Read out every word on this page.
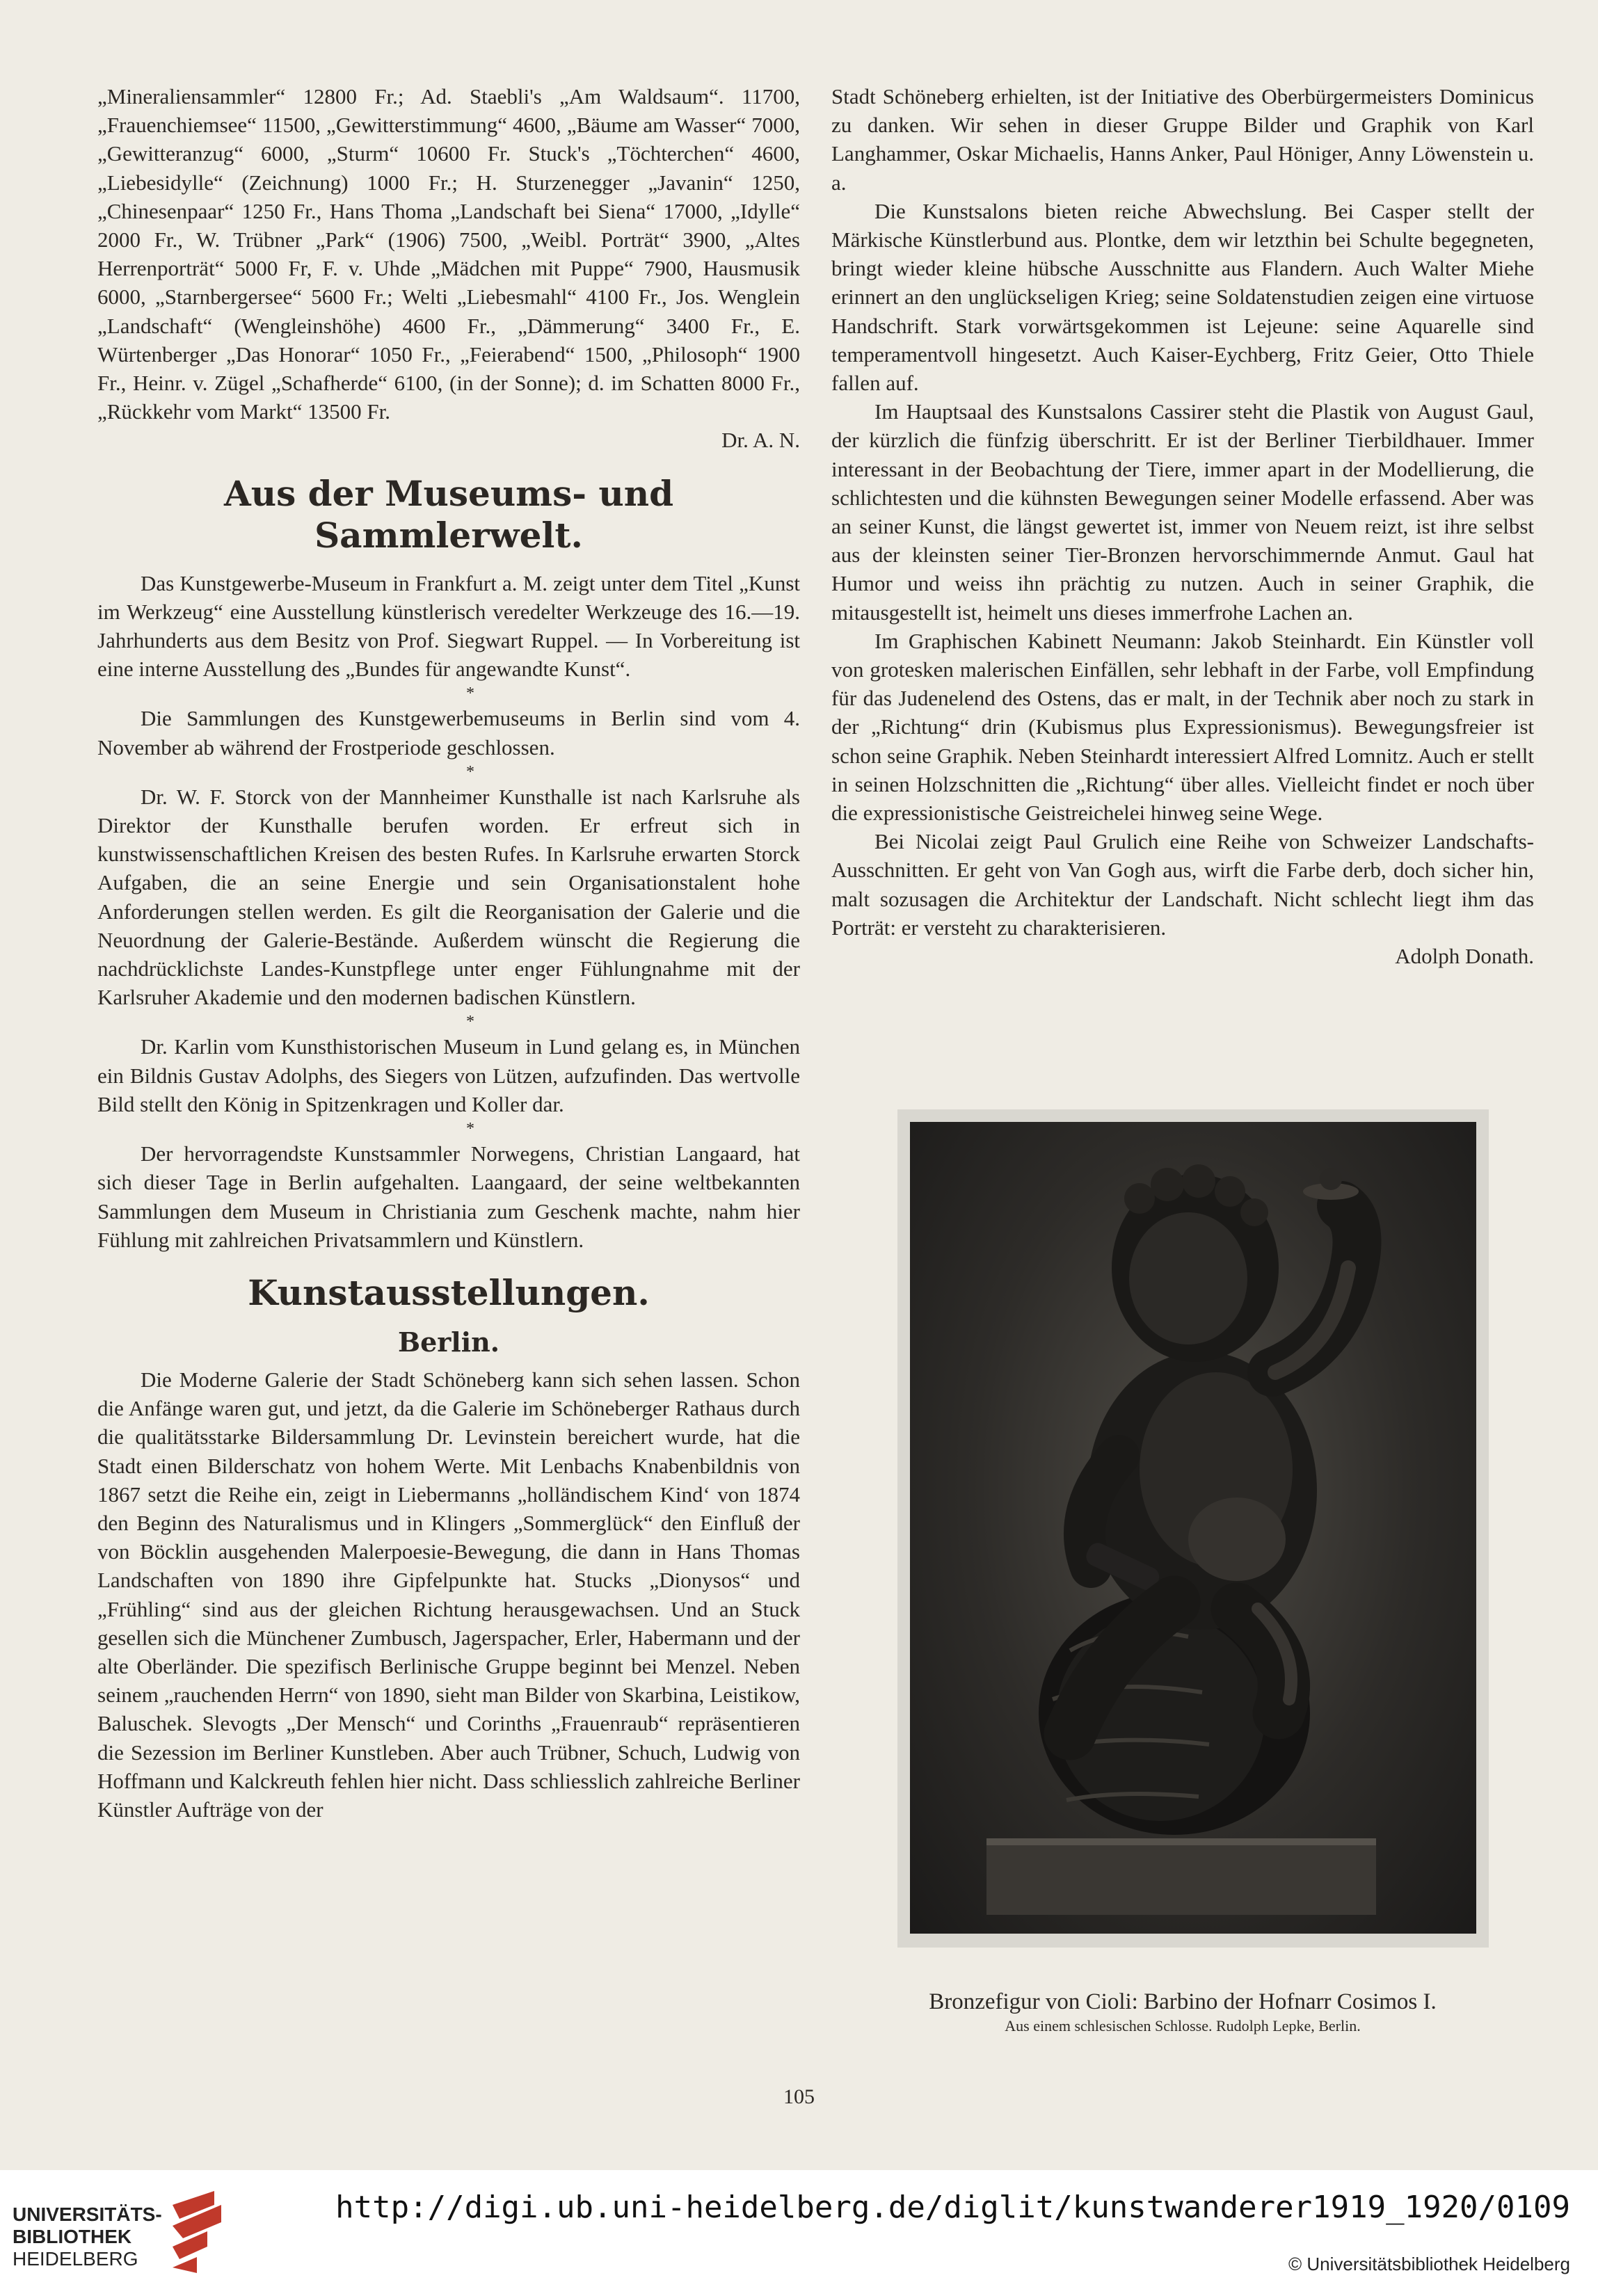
„Mineraliensammler“ 12800 Fr.; Ad. Staebli's „Am Waldsaum“. 11700, „Frauenchiemsee“ 11500, „Gewitterstimmung“ 4600, „Bäume am Wasser“ 7000, „Gewitteranzug“ 6000, „Sturm“ 10600 Fr. Stuck's „Töchterchen“ 4600, „Liebesidylle“ (Zeichnung) 1000 Fr.; H. Sturzenegger „Javanin“ 1250, „Chinesenpaar“ 1250 Fr., Hans Thoma „Landschaft bei Siena“ 17000, „Idylle“ 2000 Fr., W. Trübner „Park“ (1906) 7500, „Weibl. Porträt“ 3900, „Altes Herrenporträt“ 5000 Fr, F. v. Uhde „Mädchen mit Puppe“ 7900, Hausmusik 6000, „Starnbergersee“ 5600 Fr.; Welti „Liebesmahl“ 4100 Fr., Jos. Wenglein „Landschaft“ (Wengleinshöhe) 4600 Fr., „Dämmerung“ 3400 Fr., E. Würtenberger „Das Honorar“ 1050 Fr., „Feierabend“ 1500, „Philosoph“ 1900 Fr., Heinr. v. Zügel „Schafherde“ 6100, (in der Sonne); d. im Schatten 8000 Fr., „Rückkehr vom Markt“ 13500 Fr.

Dr. A. N.

Aus der Museums- und Sammlerwelt.

Das Kunstgewerbe-Museum in Frankfurt a. M. zeigt unter dem Titel „Kunst im Werkzeug“ eine Ausstellung künstlerisch veredelter Werkzeuge des 16.—19. Jahrhunderts aus dem Besitz von Prof. Siegwart Ruppel. — In Vorbereitung ist eine interne Ausstellung des „Bundes für angewandte Kunst“.

*

Die Sammlungen des Kunstgewerbemuseums in Berlin sind vom 4. November ab während der Frostperiode geschlossen.

*

Dr. W. F. Storck von der Mannheimer Kunsthalle ist nach Karlsruhe als Direktor der Kunsthalle berufen worden. Er erfreut sich in kunstwissenschaftlichen Kreisen des besten Rufes. In Karlsruhe erwarten Storck Aufgaben, die an seine Energie und sein Organisationstalent hohe Anforderungen stellen werden. Es gilt die Reorganisation der Galerie und die Neuordnung der Galerie-Bestände. Außerdem wünscht die Regierung die nachdrücklichste Landes-Kunstpflege unter enger Fühlungnahme mit der Karlsruher Akademie und den modernen badischen Künstlern.

*

Dr. Karlin vom Kunsthistorischen Museum in Lund gelang es, in München ein Bildnis Gustav Adolphs, des Siegers von Lützen, aufzufinden. Das wertvolle Bild stellt den König in Spitzenkragen und Koller dar.

*

Der hervorragendste Kunstsammler Norwegens, Christian Langaard, hat sich dieser Tage in Berlin aufgehalten. Laangaard, der seine weltbekannten Sammlungen dem Museum in Christiania zum Geschenk machte, nahm hier Fühlung mit zahlreichen Privatsammlern und Künstlern.

Kunstausstellungen.
Berlin.

Die Moderne Galerie der Stadt Schöneberg kann sich sehen lassen. Schon die Anfänge waren gut, und jetzt, da die Galerie im Schöneberger Rathaus durch die qualitätsstarke Bildersammlung Dr. Levinstein bereichert wurde, hat die Stadt einen Bilderschatz von hohem Werte. Mit Lenbachs Knabenbildnis von 1867 setzt die Reihe ein, zeigt in Liebermanns „holländischem Kind‘ von 1874 den Beginn des Naturalismus und in Klingers „Sommerglück“ den Einfluß der von Böcklin ausgehenden Malerpoesie-Bewegung, die dann in Hans Thomas Landschaften von 1890 ihre Gipfelpunkte hat. Stucks „Dionysos“ und „Frühling“ sind aus der gleichen Richtung herausgewachsen. Und an Stuck gesellen sich die Münchener Zumbusch, Jagerspacher, Erler, Habermann und der alte Oberländer. Die spezifisch Berlinische Gruppe beginnt bei Menzel. Neben seinem „rauchenden Herrn“ von 1890, sieht man Bilder von Skarbina, Leistikow, Baluschek. Slevogts „Der Mensch“ und Corinths „Frauenraub“ repräsentieren die Sezession im Berliner Kunstleben. Aber auch Trübner, Schuch, Ludwig von Hoffmann und Kalckreuth fehlen hier nicht. Dass schliesslich zahlreiche Berliner Künstler Aufträge von der

Stadt Schöneberg erhielten, ist der Initiative des Oberbürgermeisters Dominicus zu danken. Wir sehen in dieser Gruppe Bilder und Graphik von Karl Langhammer, Oskar Michaelis, Hanns Anker, Paul Höniger, Anny Löwenstein u. a.

Die Kunstsalons bieten reiche Abwechslung. Bei Casper stellt der Märkische Künstlerbund aus. Plontke, dem wir letzthin bei Schulte begegneten, bringt wieder kleine hübsche Ausschnitte aus Flandern. Auch Walter Miehe erinnert an den unglückseligen Krieg; seine Soldatenstudien zeigen eine virtuose Handschrift. Stark vorwärtsgekommen ist Lejeune: seine Aquarelle sind temperamentvoll hingesetzt. Auch Kaiser-Eychberg, Fritz Geier, Otto Thiele fallen auf.

Im Hauptsaal des Kunstsalons Cassirer steht die Plastik von August Gaul, der kürzlich die fünfzig überschritt. Er ist der Berliner Tierbildhauer. Immer interessant in der Beobachtung der Tiere, immer apart in der Modellierung, die schlichtesten und die kühnsten Bewegungen seiner Modelle erfassend. Aber was an seiner Kunst, die längst gewertet ist, immer von Neuem reizt, ist ihre selbst aus der kleinsten seiner Tier-Bronzen hervorschimmernde Anmut. Gaul hat Humor und weiss ihn prächtig zu nutzen. Auch in seiner Graphik, die mitausgestellt ist, heimelt uns dieses immerfrohe Lachen an.

Im Graphischen Kabinett Neumann: Jakob Steinhardt. Ein Künstler voll von grotesken malerischen Einfällen, sehr lebhaft in der Farbe, voll Empfindung für das Judenelend des Ostens, das er malt, in der Technik aber noch zu stark in der „Richtung“ drin (Kubismus plus Expressionismus). Bewegungsfreier ist schon seine Graphik. Neben Steinhardt interessiert Alfred Lomnitz. Auch er stellt in seinen Holzschnitten die „Richtung“ über alles. Vielleicht findet er noch über die expressionistische Geistreichelei hinweg seine Wege.

Bei Nicolai zeigt Paul Grulich eine Reihe von Schweizer Landschafts-Ausschnitten. Er geht von Van Gogh aus, wirft die Farbe derb, doch sicher hin, malt sozusagen die Architektur der Landschaft. Nicht schlecht liegt ihm das Porträt: er versteht zu charakterisieren.

Adolph Donath.

Bronzefigur von Cioli: Barbino der Hofnarr Cosimos I.
Aus einem schlesischen Schlosse. Rudolph Lepke, Berlin.
105
UNIVERSITÄTS-
BIBLIOTHEK
HEIDELBERG
http://digi.ub.uni-heidelberg.de/diglit/kunstwanderer1919_1920/0109
© Universitätsbibliothek Heidelberg
